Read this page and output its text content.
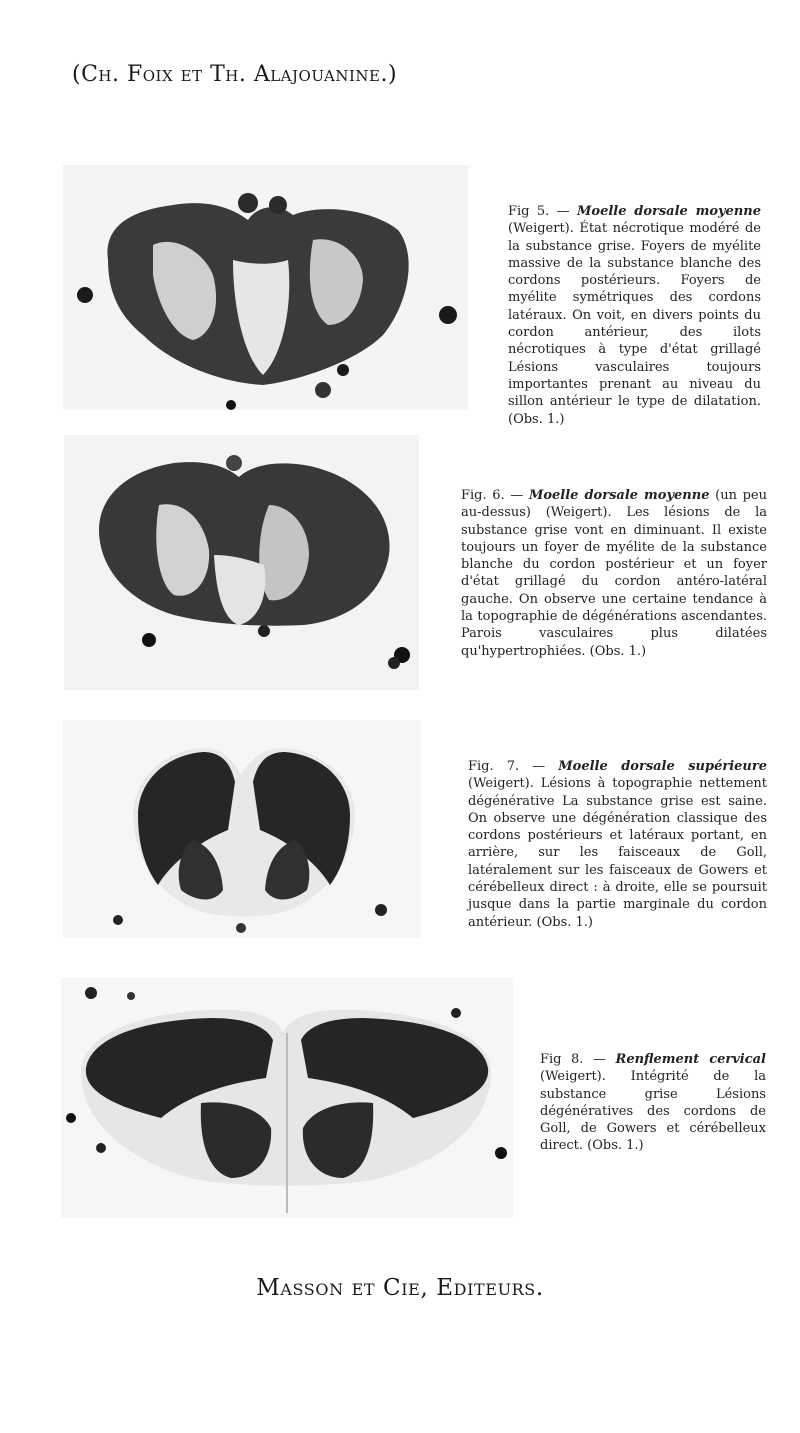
(Ch. Foix et Th. Alajouanine.)
Fig 5. — Moelle dorsale moyenne (Weigert). État nécrotique modéré de la substance grise. Foyers de myélite massive de la substance blanche des cordons postérieurs. Foyers de myélite symétriques des cordons latéraux. On voit, en divers points du cordon antérieur, des ilots nécrotiques à type d'état grillagé Lésions vasculaires toujours importantes prenant au niveau du sillon antérieur le type de dilatation. (Obs. 1.)
Fig. 6. — Moelle dorsale moyenne (un peu au-dessus) (Weigert). Les lésions de la substance grise vont en diminuant. Il existe toujours un foyer de myélite de la substance blanche du cordon postérieur et un foyer d'état grillagé du cordon antéro-latéral gauche. On observe une certaine tendance à la topographie de dégénérations ascendantes. Parois vasculaires plus dilatées qu'hypertrophiées. (Obs. 1.)
Fig. 7. — Moelle dorsale supérieure (Weigert). Lésions à topographie nettement dégénérative La substance grise est saine. On observe une dégénération classique des cordons postérieurs et latéraux portant, en arrière, sur les faisceaux de Goll, latéralement sur les faisceaux de Gowers et cérébelleux direct : à droite, elle se poursuit jusque dans la partie marginale du cordon antérieur. (Obs. 1.)
Fig 8. — Renflement cervical (Weigert). Intégrité de la substance grise Lésions dégénératives des cordons de Goll, de Gowers et cérébelleux direct. (Obs. 1.)
Masson et Cie, Editeurs.
